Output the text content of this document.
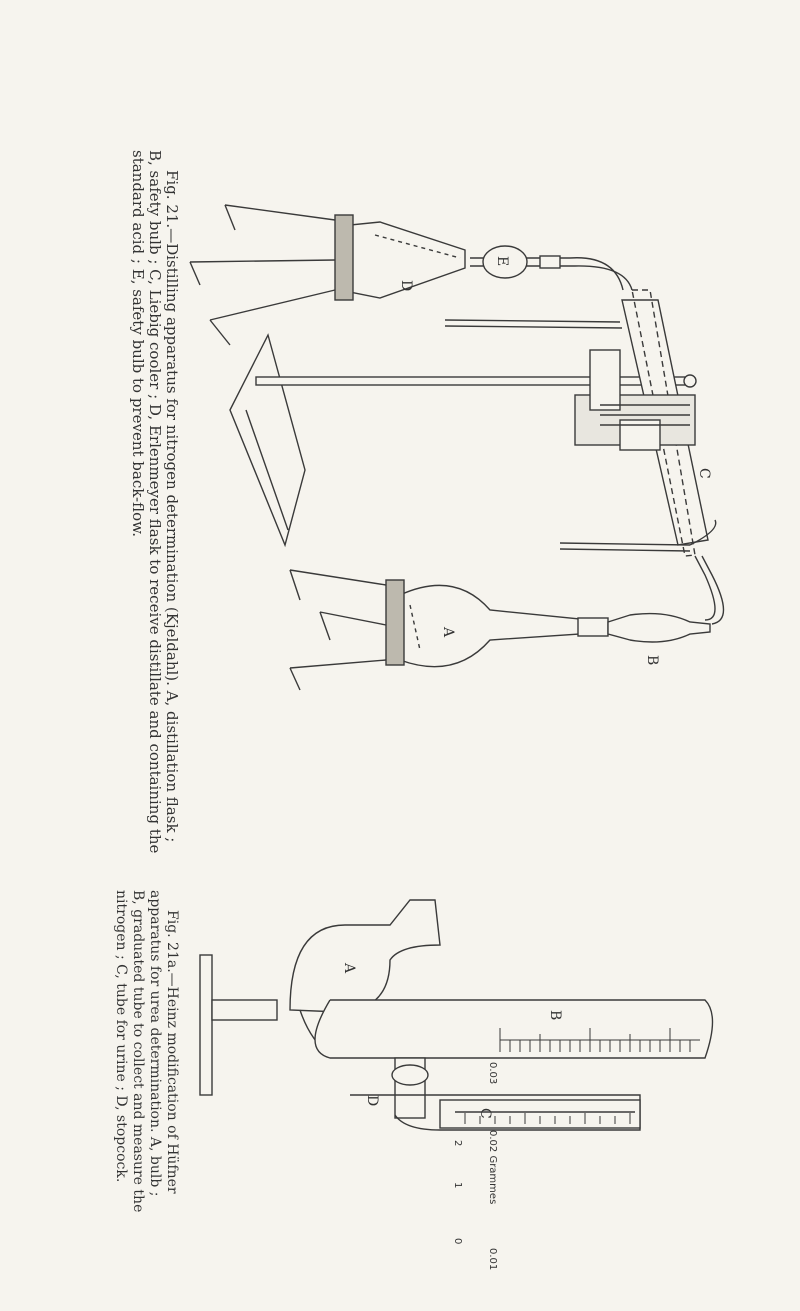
A
B
C
D
E
Fig. 21.—Distilling apparatus for nitrogen determination (Kjeldahl). A, distillation flask ;
B, safety bulb ; C, Liebig cooler ; D, Erlenmeyer flask to receive distillate and containing the
standard acid ; E, safety bulb to prevent back-flow.
A
B
C
D
0.03
0.02 Grammes
0.01
2
1
0
Fig. 21a.—Heinz modification of Hüfner
apparatus for urea determination. A, bulb ;
B, graduated tube to collect and measure the
nitrogen ; C, tube for urine ; D, stopcock.
